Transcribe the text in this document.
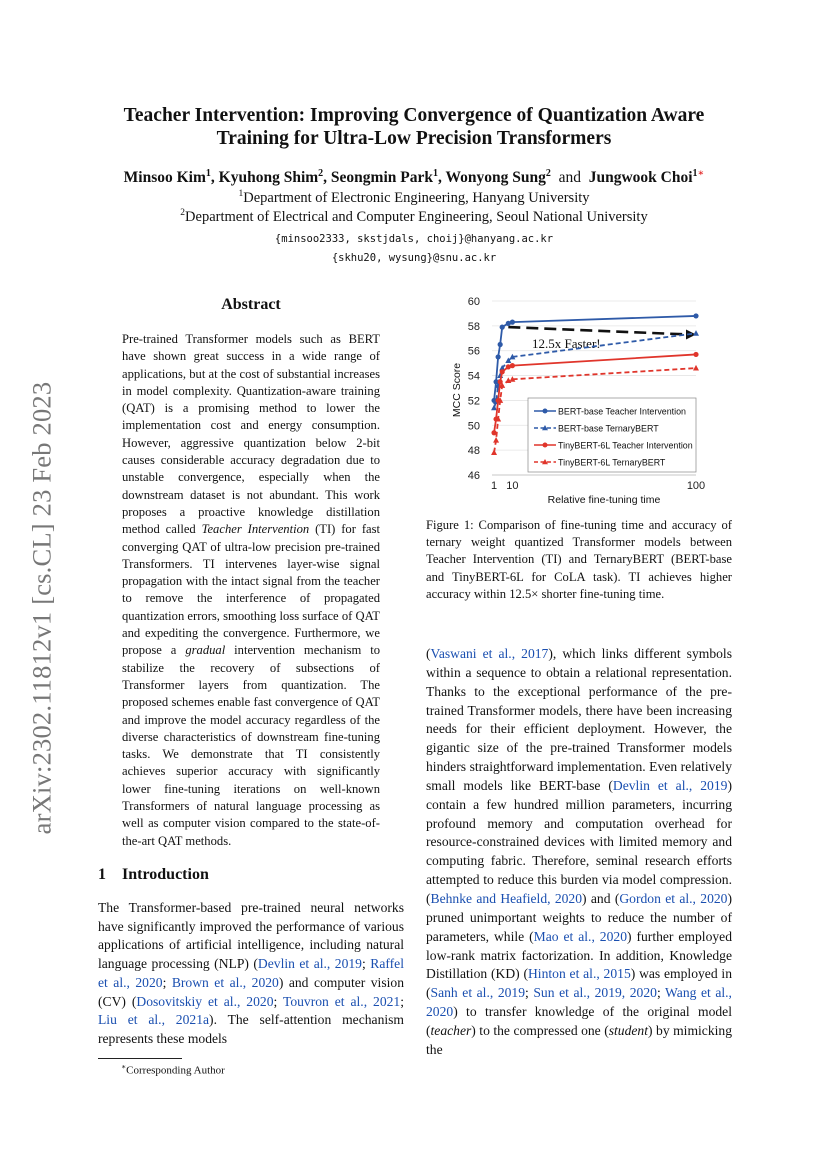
arXiv:2302.11812v1 [cs.CL] 23 Feb 2023
Teacher Intervention: Improving Convergence of Quantization Aware
Training for Ultra-Low Precision Transformers
Minsoo Kim$^1$, Kyuhong Shim$^2$, Seongmin Park$^1$, Wonyong Sung$^2$ and Jungwook Choi$^{1∗}$
$^1$Department of Electronic Engineering, Hanyang University
$^2$Department of Electrical and Computer Engineering, Seoul National University
{minsoo2333, skstjdals, choij}@hanyang.ac.kr
{skhu20, wysung}@snu.ac.kr
Abstract
Pre-trained Transformer models such as BERT have shown great success in a wide range of applications, but at the cost of substantial increases in model complexity. Quantization-aware training (QAT) is a promising method to lower the implementation cost and energy consumption. However, aggressive quantization below 2-bit causes considerable accuracy degradation due to unstable convergence, especially when the downstream dataset is not abundant. This work proposes a proactive knowledge distillation method called Teacher Intervention (TI) for fast converging QAT of ultra-low precision pre-trained Transformers. TI intervenes layer-wise signal propagation with the intact signal from the teacher to remove the interference of propagated quantization errors, smoothing loss surface of QAT and expediting the convergence. Furthermore, we propose a gradual intervention mechanism to stabilize the recovery of subsections of Transformer layers from quantization. The proposed schemes enable fast convergence of QAT and improve the model accuracy regardless of the diverse characteristics of downstream fine-tuning tasks. We demonstrate that TI consistently achieves superior accuracy with significantly lower fine-tuning iterations on well-known Transformers of natural language processing as well as computer vision compared to the state-of-the-art QAT methods.
1 Introduction
The Transformer-based pre-trained neural networks have significantly improved the performance of various applications of artificial intelligence, including natural language processing (NLP) (Devlin et al., 2019; Raffel et al., 2020; Brown et al., 2020) and computer vision (CV) (Dosovitskiy et al., 2020; Touvron et al., 2021; Liu et al., 2021a). The self-attention mechanism represents these models
∗Corresponding Author
46
48
50
52
54
56
58
60
1 10	100
Relative fine-tuning time
MCC Score
12.5x Faster!
BERT-base Teacher Intervention
BERT-base TernaryBERT
TinyBERT-6L Teacher Intervention
TinyBERT-6L TernaryBERT
Figure 1: Comparison of fine-tuning time and accuracy of ternary weight quantized Transformer models between Teacher Intervention (TI) and TernaryBERT (BERT-base and TinyBERT-6L for CoLA task). TI achieves higher accuracy within 12.5× shorter fine-tuning time.
(Vaswani et al., 2017), which links different symbols within a sequence to obtain a relational representation. Thanks to the exceptional performance of the pre-trained Transformer models, there have been increasing needs for their efficient deployment. However, the gigantic size of the pre-trained Transformer models hinders straightforward implementation. Even relatively small models like BERT-base (Devlin et al., 2019) contain a few hundred million parameters, incurring profound memory and computation overhead for resource-constrained devices with limited memory and computing fabric. Therefore, seminal research efforts attempted to reduce this burden via model compression. (Behnke and Heafield, 2020) and (Gordon et al., 2020) pruned unimportant weights to reduce the number of parameters, while (Mao et al., 2020) further employed low-rank matrix factorization. In addition, Knowledge Distillation (KD) (Hinton et al., 2015) was employed in (Sanh et al., 2019; Sun et al., 2019, 2020; Wang et al., 2020) to transfer knowledge of the original model (teacher) to the compressed one (student) by mimicking the
